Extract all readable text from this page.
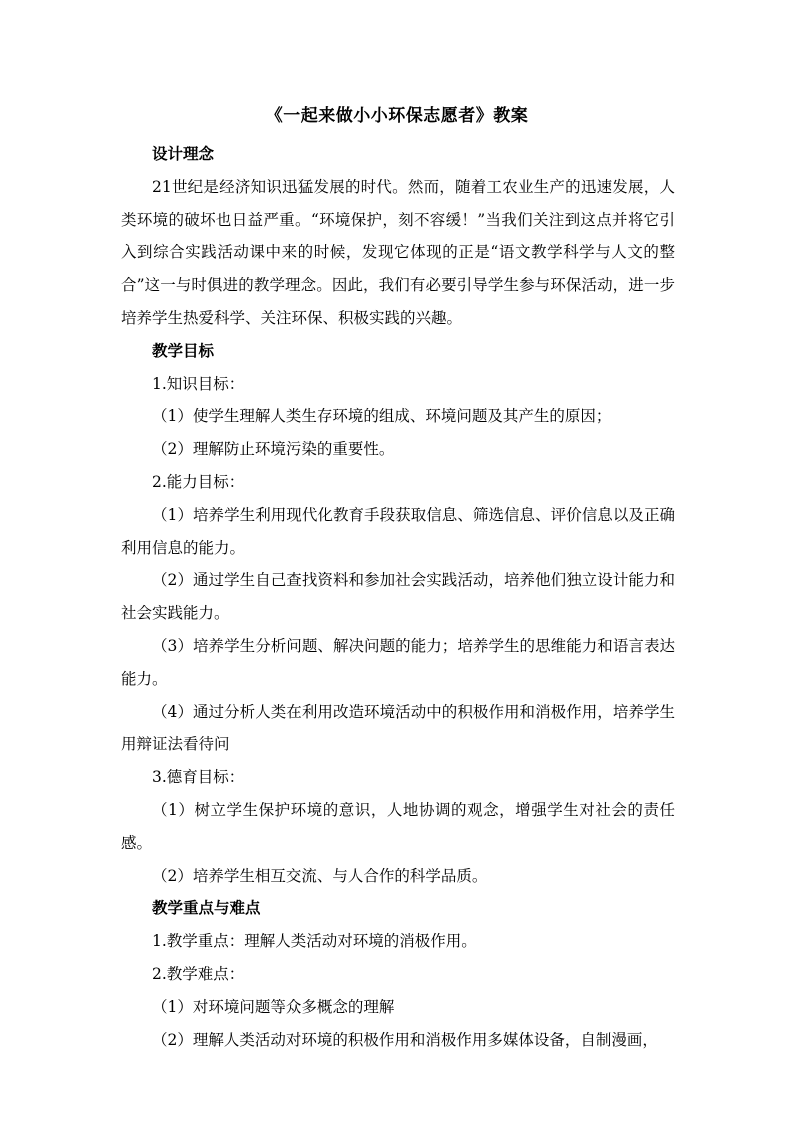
《一起来做小小环保志愿者》教案

设计理念

21世纪是经济知识迅猛发展的时代。然而，随着工农业生产的迅速发展，人类环境的破坏也日益严重。“环境保护，刻不容缓！”当我们关注到这点并将它引入到综合实践活动课中来的时候，发现它体现的正是“语文教学科学与人文的整合”这一与时俱进的教学理念。因此，我们有必要引导学生参与环保活动，进一步培养学生热爱科学、关注环保、积极实践的兴趣。

教学目标

1.知识目标：

（1）使学生理解人类生存环境的组成、环境问题及其产生的原因；

（2）理解防止环境污染的重要性。

2.能力目标：

（1）培养学生利用现代化教育手段获取信息、筛选信息、评价信息以及正确利用信息的能力。

（2）通过学生自己查找资料和参加社会实践活动，培养他们独立设计能力和社会实践能力。

（3）培养学生分析问题、解决问题的能力；培养学生的思维能力和语言表达能力。

（4）通过分析人类在利用改造环境活动中的积极作用和消极作用，培养学生用辩证法看待问

3.德育目标：

（1）树立学生保护环境的意识，人地协调的观念，增强学生对社会的责任感。

（2）培养学生相互交流、与人合作的科学品质。

教学重点与难点

1.教学重点：理解人类活动对环境的消极作用。

2.教学难点：

（1）对环境问题等众多概念的理解

（2）理解人类活动对环境的积极作用和消极作用多媒体设备，自制漫画，
